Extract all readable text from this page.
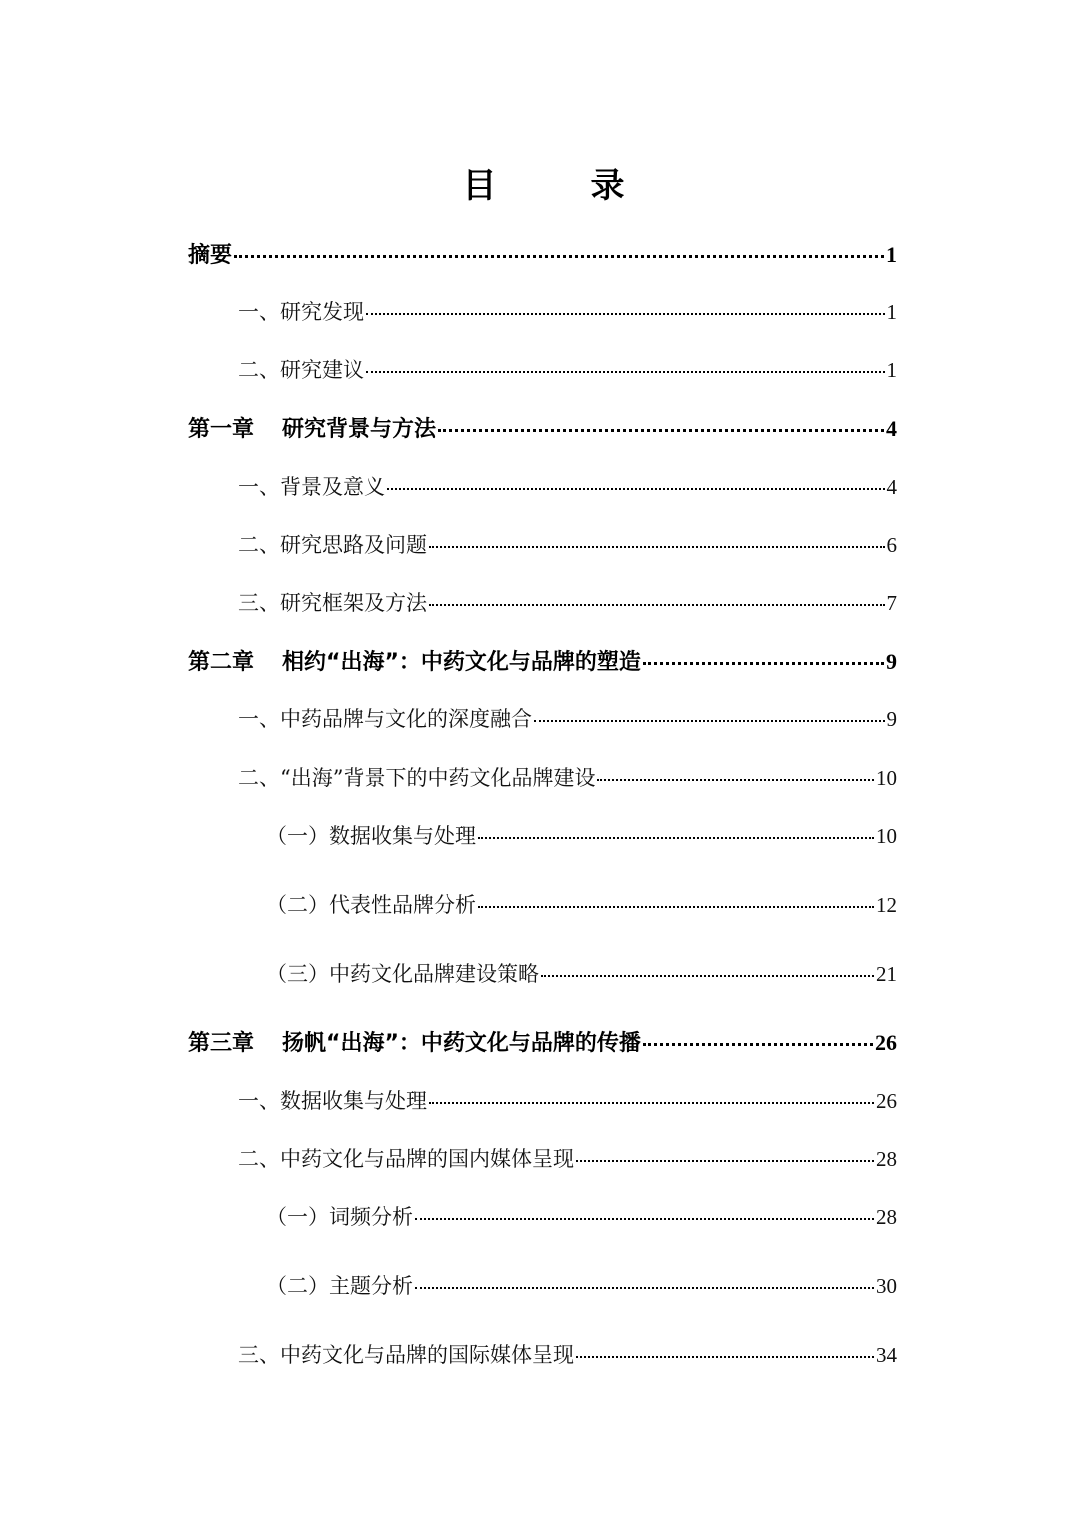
目　录
摘要	1
一、研究发现	1
二、研究建议	1
第一章 研究背景与方法	4
一、背景及意义	4
二、研究思路及问题	6
三、研究框架及方法	7
第二章 相约“出海”：中药文化与品牌的塑造	9
一、中药品牌与文化的深度融合	9
二、“出海”背景下的中药文化品牌建设	10
（一）数据收集与处理	10
（二）代表性品牌分析	12
（三）中药文化品牌建设策略	21
第三章 扬帆“出海”：中药文化与品牌的传播	26
一、数据收集与处理	26
二、中药文化与品牌的国内媒体呈现	28
（一）词频分析	28
（二）主题分析	30
三、中药文化与品牌的国际媒体呈现	34
